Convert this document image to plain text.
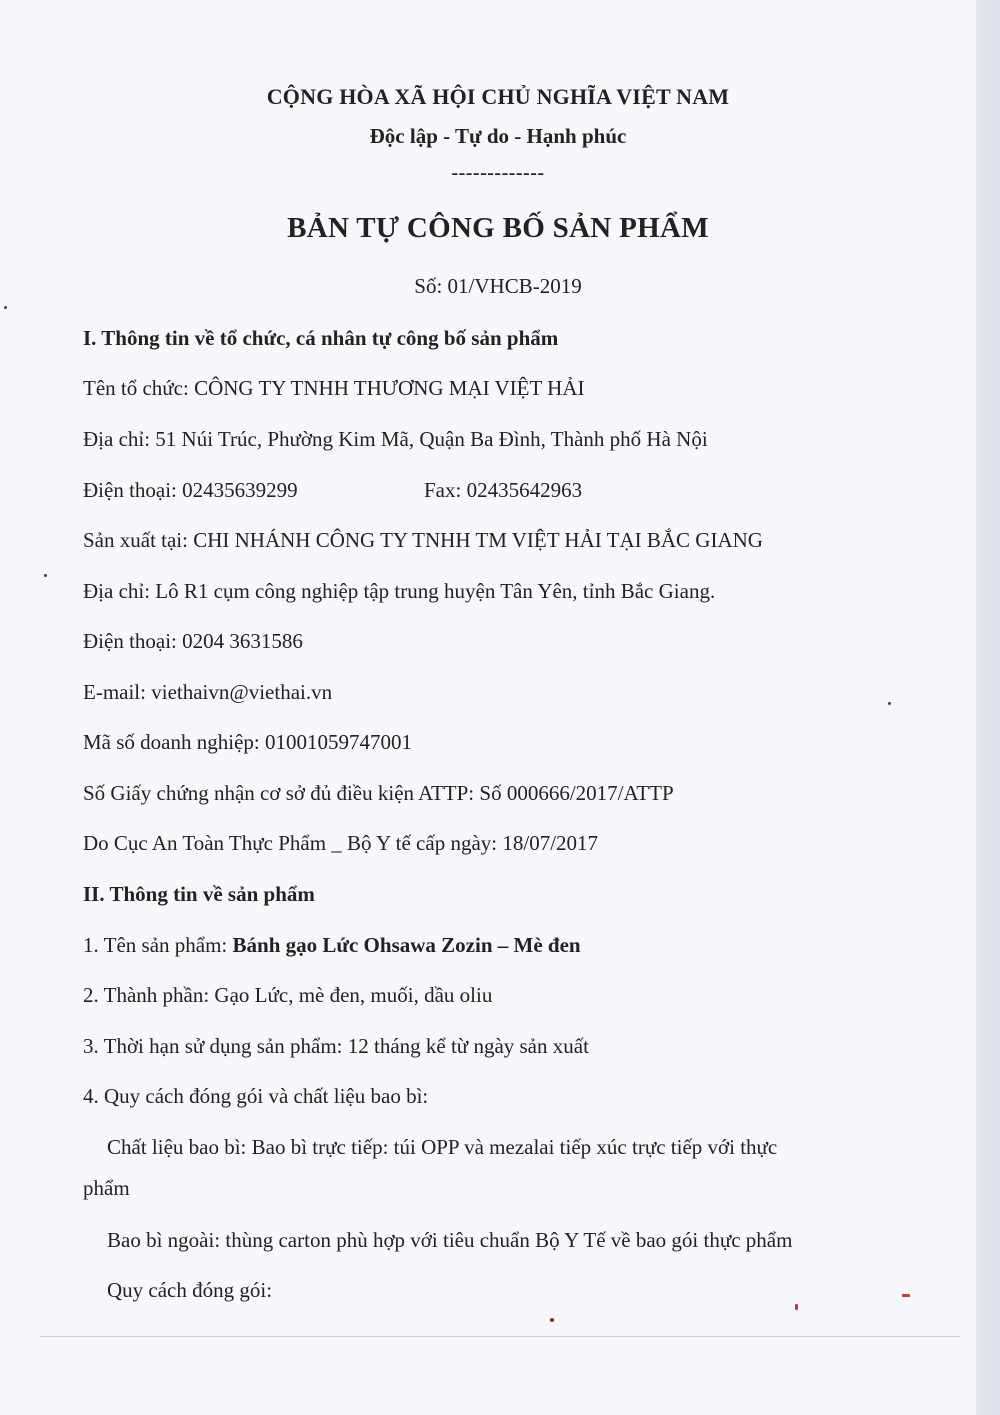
CỘNG HÒA XÃ HỘI CHỦ NGHĨA VIỆT NAM
Độc lập - Tự do - Hạnh phúc
-------------
BẢN TỰ CÔNG BỐ SẢN PHẨM
Số: 01/VHCB-2019
I. Thông tin về tổ chức, cá nhân tự công bố sản phẩm
Tên tổ chức: CÔNG TY TNHH THƯƠNG MẠI VIỆT HẢI
Địa chỉ: 51 Núi Trúc, Phường Kim Mã, Quận Ba Đình, Thành phố Hà Nội
Điện thoại: 02435639299	Fax: 02435642963
Sản xuất tại: CHI NHÁNH CÔNG TY TNHH TM VIỆT HẢI TẠI BẮC GIANG
Địa chỉ: Lô R1 cụm công nghiệp tập trung huyện Tân Yên, tỉnh Bắc Giang.
Điện thoại: 0204 3631586
E-mail: viethaivn@viethai.vn
Mã số doanh nghiệp: 01001059747001
Số Giấy chứng nhận cơ sở đủ điều kiện ATTP: Số 000666/2017/ATTP
Do Cục An Toàn Thực Phẩm _ Bộ Y tế cấp ngày: 18/07/2017
II. Thông tin về sản phẩm
1. Tên sản phẩm: Bánh gạo Lức Ohsawa Zozin – Mè đen
2. Thành phần: Gạo Lức, mè đen, muối, dầu oliu
3. Thời hạn sử dụng sản phẩm: 12 tháng kể từ ngày sản xuất
4. Quy cách đóng gói và chất liệu bao bì:
Chất liệu bao bì: Bao bì trực tiếp: túi OPP và mezalai tiếp xúc trực tiếp với thực
phẩm
Bao bì ngoài: thùng carton phù hợp với tiêu chuẩn Bộ Y Tế về bao gói thực phẩm
Quy cách đóng gói:
